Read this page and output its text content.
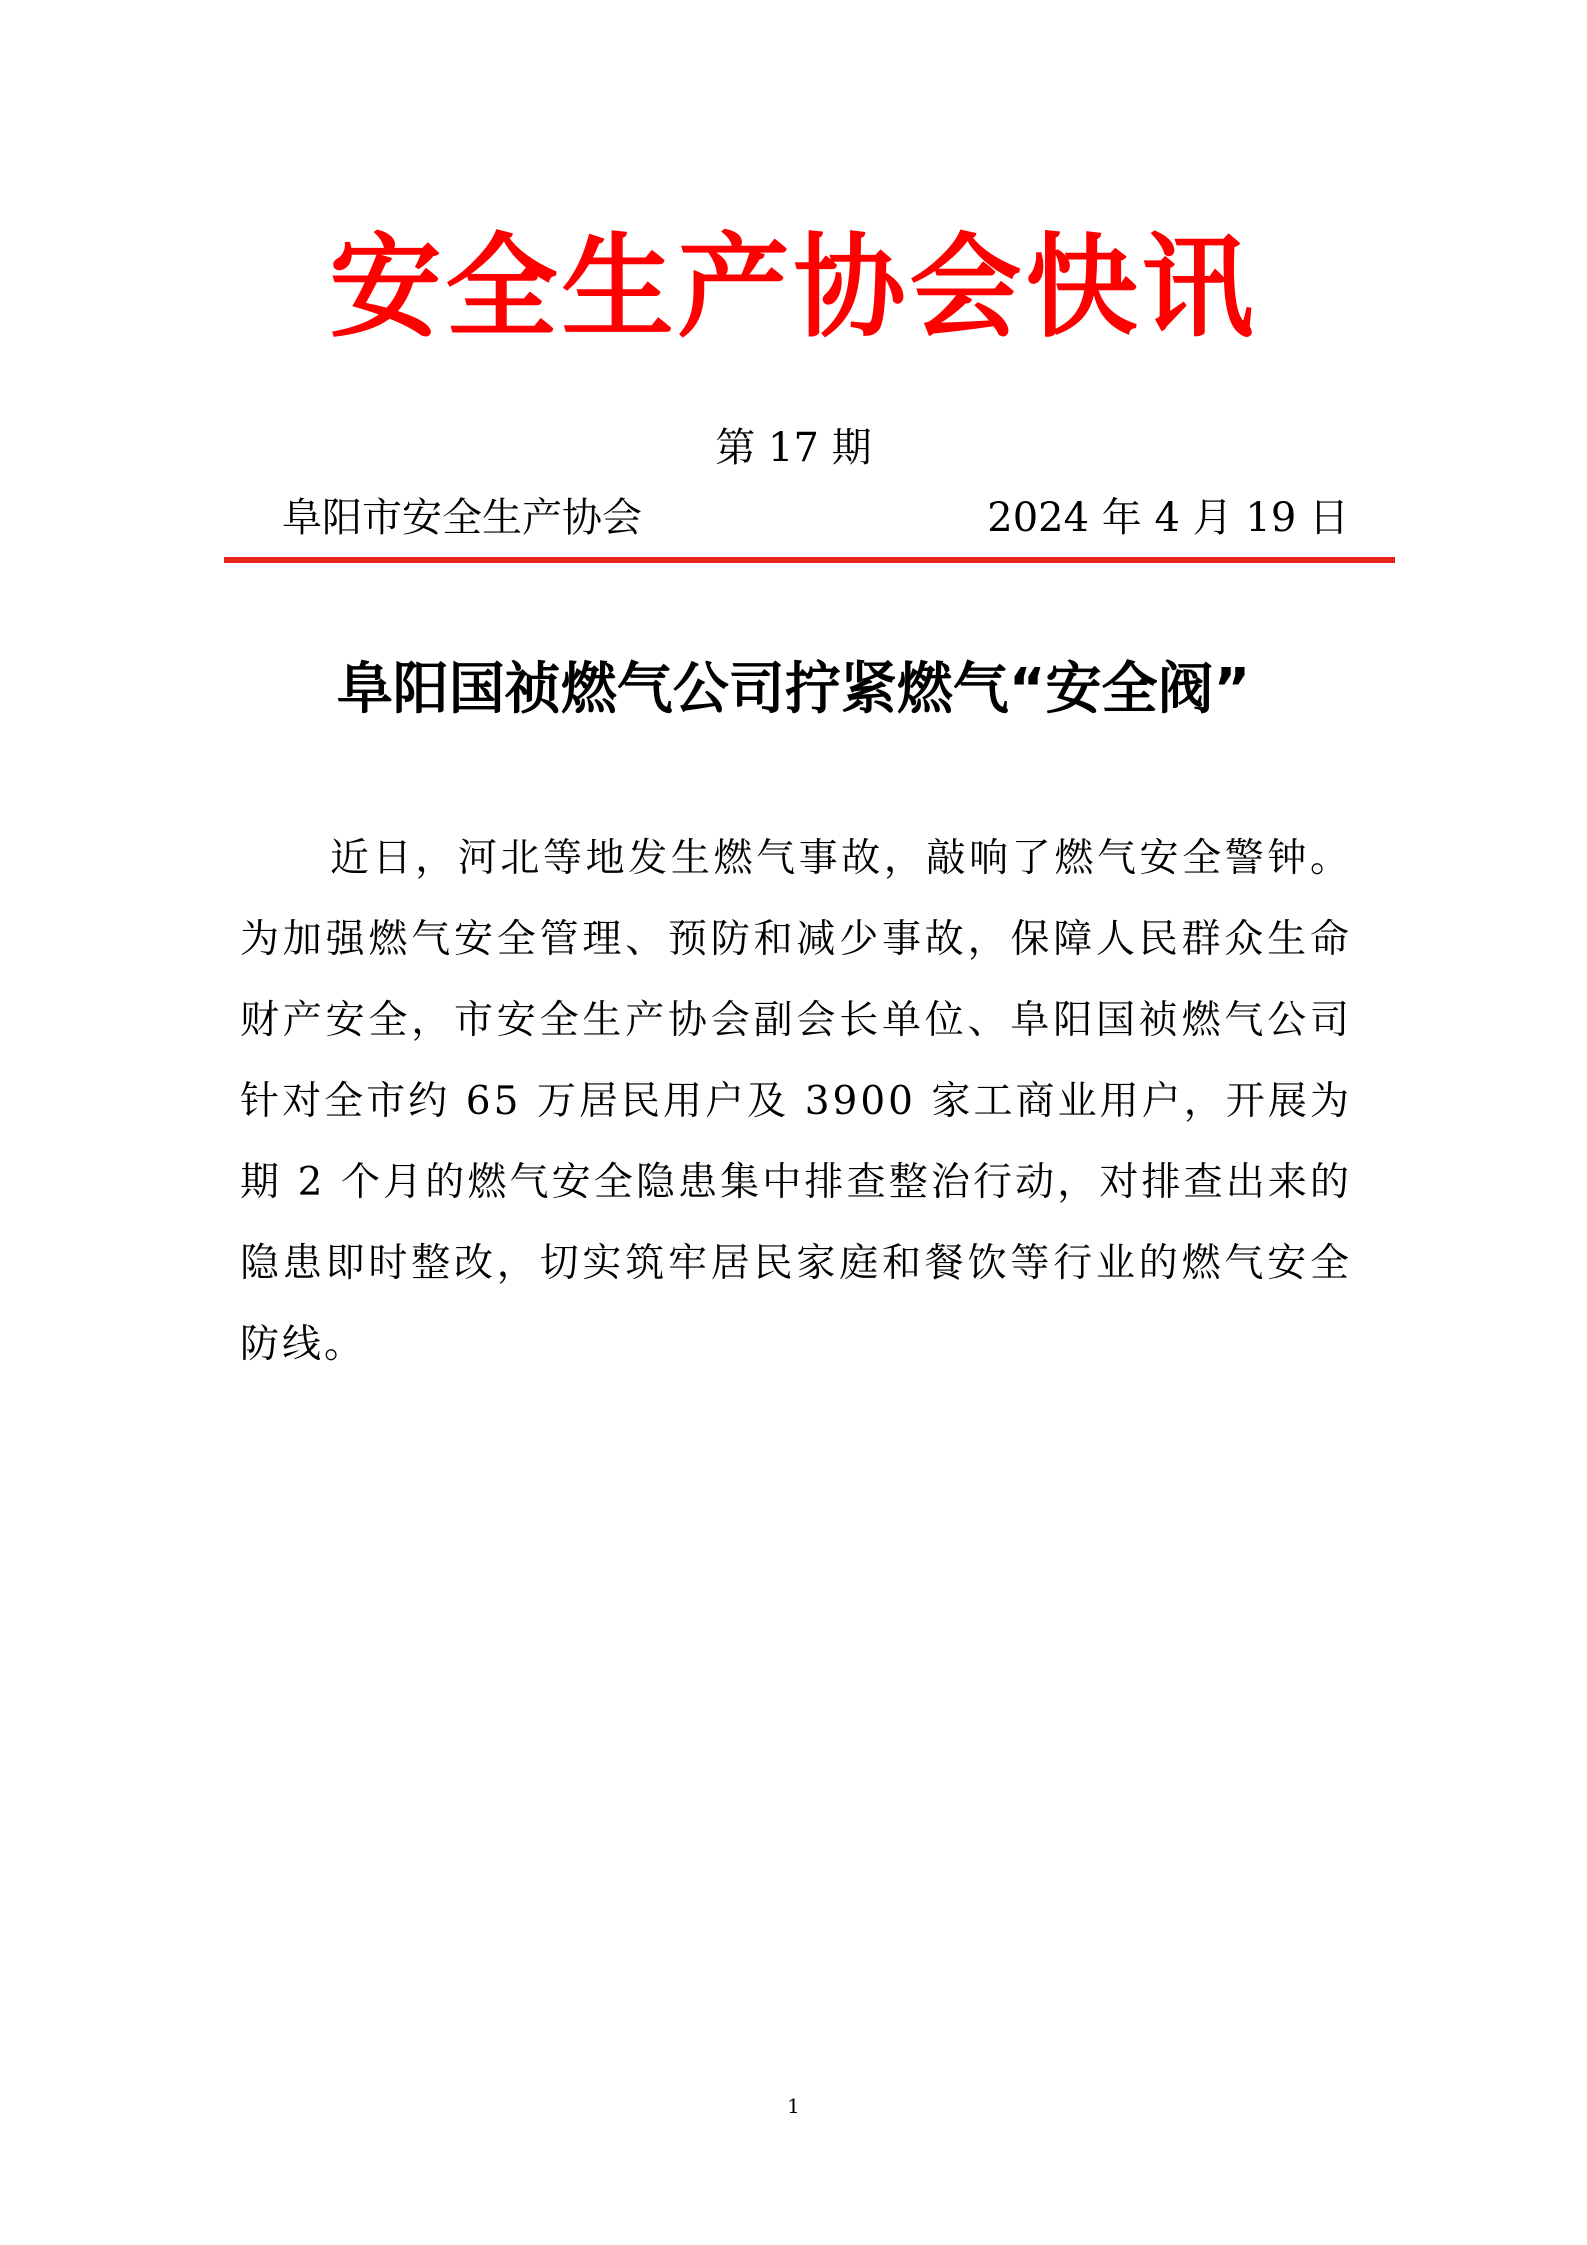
安全生产协会快讯
第 17 期
阜阳市安全生产协会	2024 年 4 月 19 日
阜阳国祯燃气公司拧紧燃气“安全阀”

近日，河北等地发生燃气事故，敲响了燃气安全警钟。为加强燃气安全管理、预防和减少事故，保障人民群众生命财产安全，市安全生产协会副会长单位、阜阳国祯燃气公司针对全市约 65 万居民用户及 3900 家工商业用户，开展为期 2 个月的燃气安全隐患集中排查整治行动，对排查出来的隐患即时整改，切实筑牢居民家庭和餐饮等行业的燃气安全防线。

1
